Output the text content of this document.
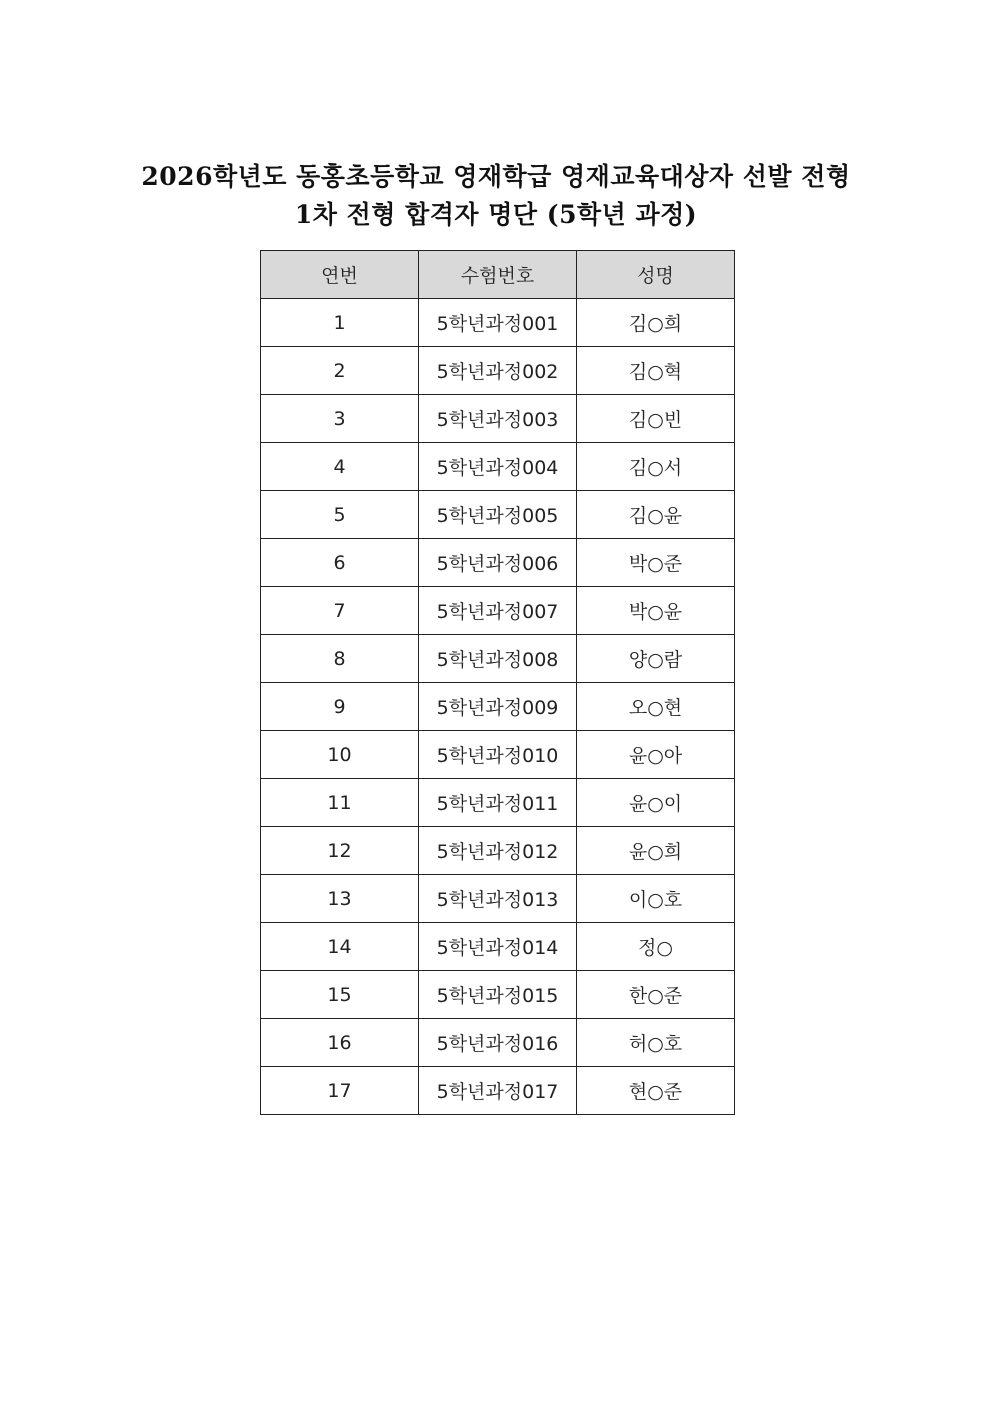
2026학년도 동홍초등학교 영재학급 영재교육대상자 선발 전형
1차 전형 합격자 명단 (5학년 과정)
연번	수험번호	성명
1	5학년과정001	김○희
2	5학년과정002	김○혁
3	5학년과정003	김○빈
4	5학년과정004	김○서
5	5학년과정005	김○윤
6	5학년과정006	박○준
7	5학년과정007	박○윤
8	5학년과정008	양○람
9	5학년과정009	오○현
10	5학년과정010	윤○아
11	5학년과정011	윤○이
12	5학년과정012	윤○희
13	5학년과정013	이○호
14	5학년과정014	정○
15	5학년과정015	한○준
16	5학년과정016	허○호
17	5학년과정017	현○준
